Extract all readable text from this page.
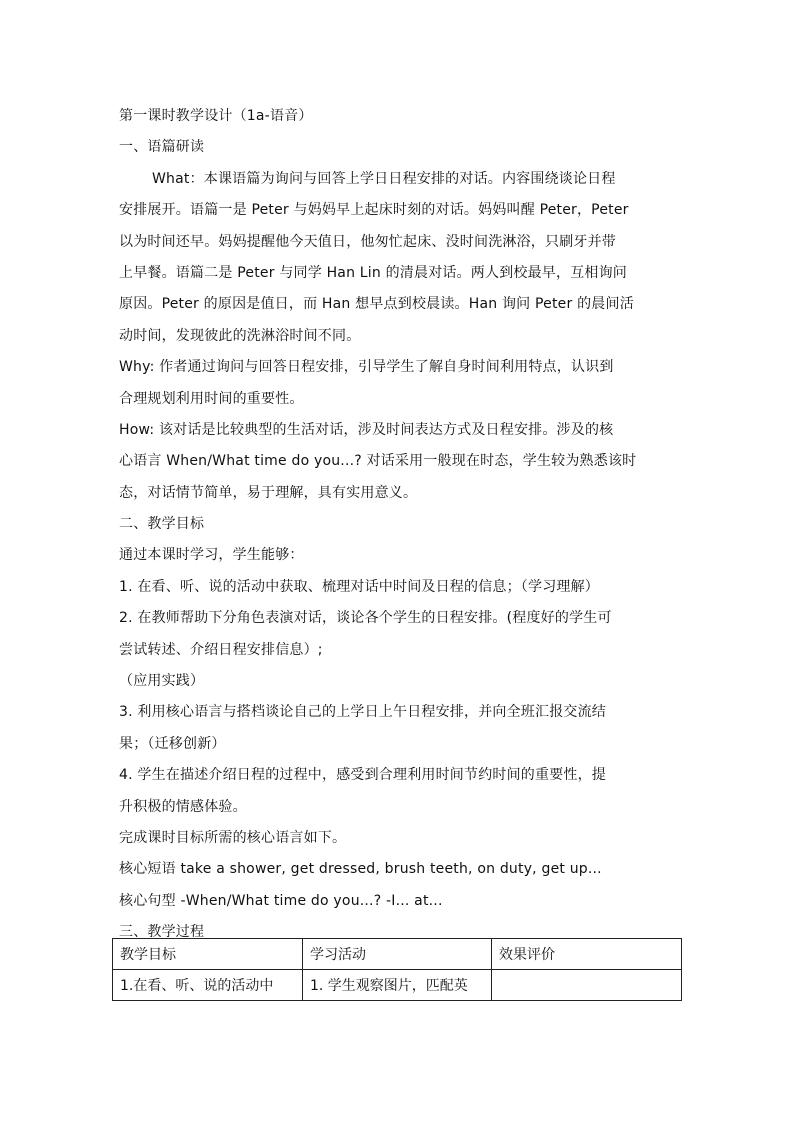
第一课时教学设计（1a-语音）
一、语篇研读
What：本课语篇为询问与回答上学日日程安排的对话。内容围绕谈论日程
安排展开。语篇一是 Peter 与妈妈早上起床时刻的对话。妈妈叫醒 Peter，Peter
以为时间还早。妈妈提醒他今天值日，他匆忙起床、没时间洗淋浴，只刷牙并带
上早餐。语篇二是 Peter 与同学 Han Lin 的清晨对话。两人到校最早，互相询问
原因。Peter 的原因是值日，而 Han 想早点到校晨读。Han 询问 Peter 的晨间活
动时间，发现彼此的洗淋浴时间不同。
Why: 作者通过询问与回答日程安排，引导学生了解自身时间利用特点，认识到
合理规划利用时间的重要性。
How: 该对话是比较典型的生活对话，涉及时间表达方式及日程安排。涉及的核
心语言 When/What time do you...? 对话采用一般现在时态，学生较为熟悉该时
态，对话情节简单，易于理解，具有实用意义。
二、教学目标
通过本课时学习，学生能够：
1. 在看、听、说的活动中获取、梳理对话中时间及日程的信息；（学习理解）
2. 在教师帮助下分角色表演对话，谈论各个学生的日程安排。(程度好的学生可
尝试转述、介绍日程安排信息）;
（应用实践）
3. 利用核心语言与搭档谈论自己的上学日上午日程安排，并向全班汇报交流结
果；（迁移创新）
4. 学生在描述介绍日程的过程中，感受到合理利用时间节约时间的重要性，提
升积极的情感体验。
完成课时目标所需的核心语言如下。
核心短语 take a shower, get dressed, brush teeth, on duty, get up...
核心句型 -When/What time do you...? -I... at...
三、教学过程
教学目标	学习活动	效果评价
1.在看、听、说的活动中	1. 学生观察图片，匹配英	
